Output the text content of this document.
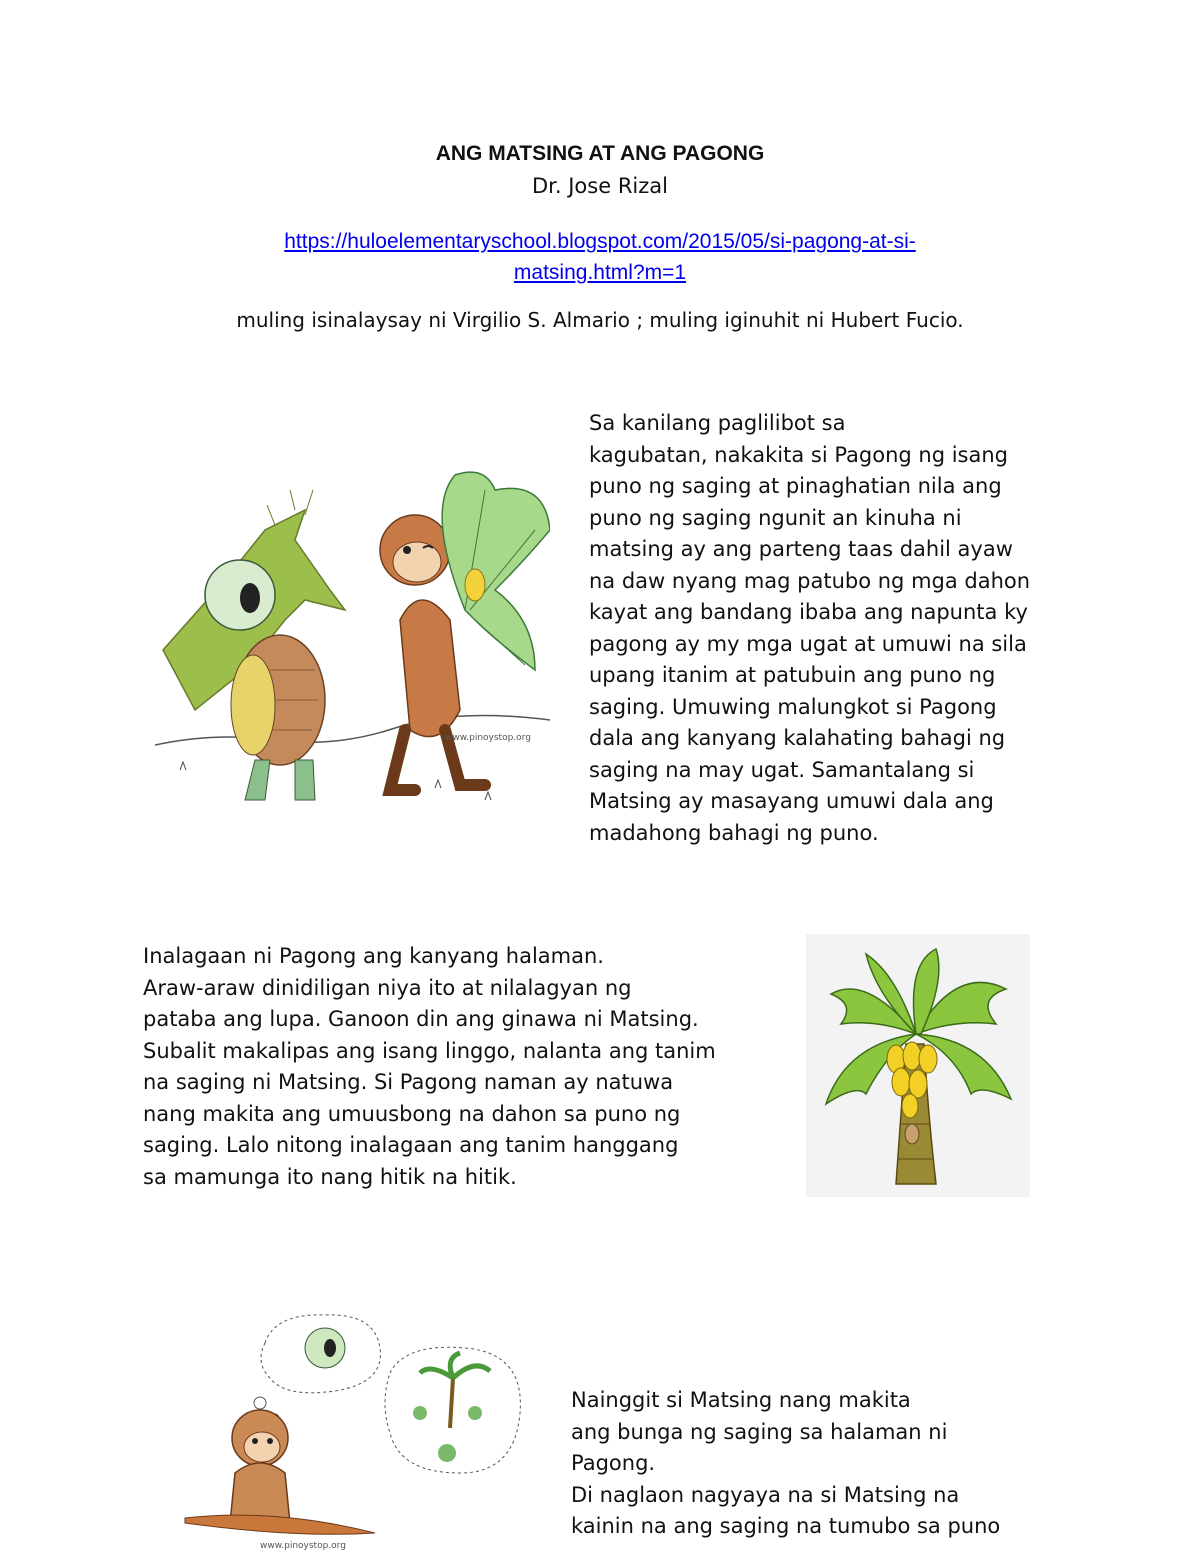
ANG MATSING AT ANG PAGONG
Dr. Jose Rizal
https://huloelementaryschool.blogspot.com/2015/05/si-pagong-at-si-
matsing.html?m=1
muling isinalaysay ni Virgilio S. Almario ; muling iginuhit ni Hubert Fucio.
www.pinoystop.org
Sa kanilang paglilibot sa
kagubatan, nakakita si Pagong ng isang
puno ng saging at pinaghatian nila ang
puno ng saging ngunit an kinuha ni
matsing ay ang parteng taas dahil ayaw
na daw nyang mag patubo ng mga dahon
kayat ang bandang ibaba ang napunta ky
pagong ay my mga ugat at umuwi na sila
upang itanim at patubuin ang puno ng
saging. Umuwing malungkot si Pagong
dala ang kanyang kalahating bahagi ng
saging na may ugat. Samantalang si
Matsing ay masayang umuwi dala ang
madahong bahagi ng puno.
Inalagaan ni Pagong ang kanyang halaman.
Araw-araw dinidiligan niya ito at nilalagyan ng
pataba ang lupa. Ganoon din ang ginawa ni Matsing.
Subalit makalipas ang isang linggo, nalanta ang tanim
na saging ni Matsing. Si Pagong naman ay natuwa
nang makita ang umuusbong na dahon sa puno ng
saging. Lalo nitong inalagaan ang tanim hanggang
sa mamunga ito nang hitik na hitik.
www.pinoystop.org
Nainggit si Matsing nang makita
ang bunga ng saging sa halaman ni
Pagong.
Di naglaon nagyaya na si Matsing na
kainin na ang saging na tumubo sa puno
